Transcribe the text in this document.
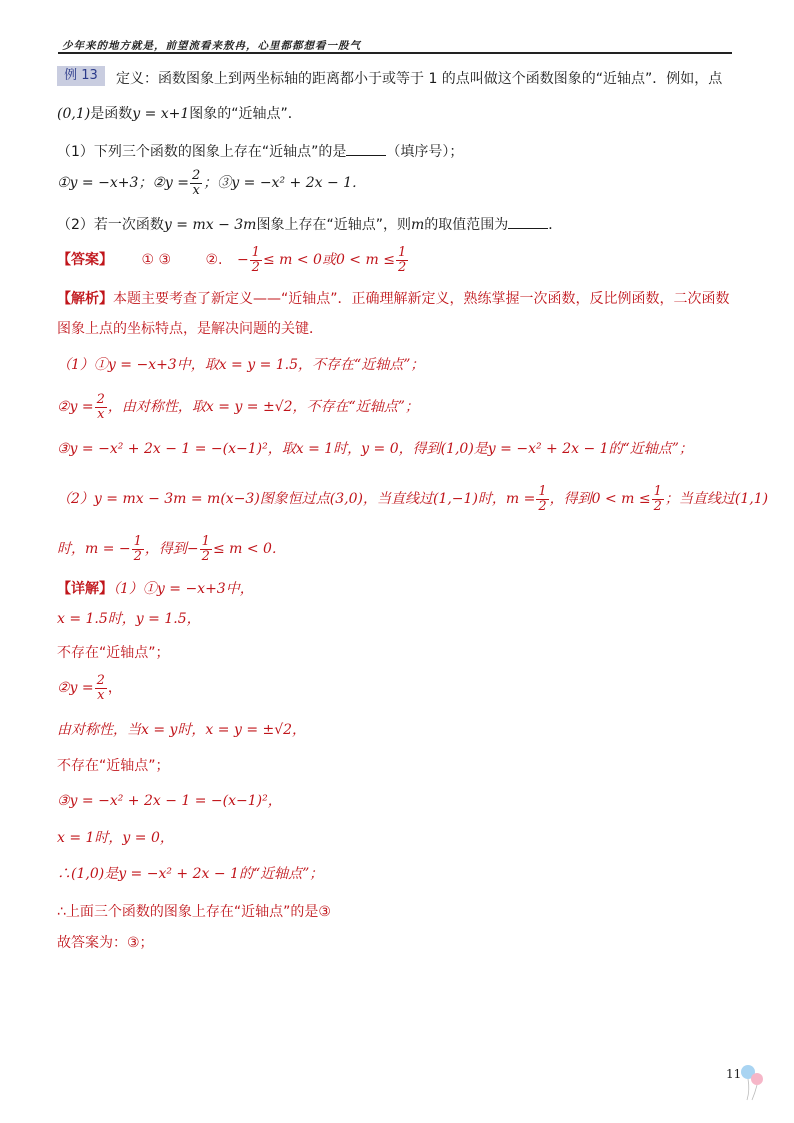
少年来的地方就是，前望流看来敖冉，心里都都想看一股气
例 13	定义：函数图象上到两坐标轴的距离都小于或等于 1 的点叫做这个函数图象的“近轴点”．例如，点
(0,1)是函数y = x+1图象的“近轴点”．
（1）下列三个函数的图象上存在“近轴点”的是	（填序号）；
①y = −x+3；②y = $\frac{2}{x}$ ；③y = −x² + 2x − 1．
（2）若一次函数y = mx − 3m图象上存在“近轴点”，则m的取值范围为	．
【答案】 ① ③ ②. − $\frac{1}{2} \le m < 0$或$0 < m \le \frac{1}{2}$
【解析】本题主要考查了新定义——“近轴点”．正确理解新定义，熟练掌握一次函数，反比例函数，二次函数
图象上点的坐标特点，是解决问题的关键．
（1）①y = −x+3中，取x = y = 1.5，不存在“近轴点”；
②y = $\frac{2}{x}$ ，由对称性，取x = y = ±√2，不存在“近轴点”；
③y = −x² + 2x − 1 = −(x−1)²，取x = 1时，y = 0，得到(1,0)是y = −x² + 2x − 1的“近轴点”；
（2）y = mx − 3m = m(x−3)图象恒过点(3,0)，当直线过(1,−1)时，$m = \frac{1}{2}$ ，得到$0 < m \le \frac{1}{2}$ ；当直线过(1,1)
时，m = − $\frac{1}{2}$ ，得到− $\frac{1}{2} \le m < 0$．
【详解】（1）①y = −x+3中，
x = 1.5时，y = 1.5，
不存在“近轴点”；
②y = $\frac{2}{x}$ ，
由对称性，当x = y时，x = y = ±√2，
不存在“近轴点”；
③y = −x² + 2x − 1 = −(x−1)²，
x = 1时，y = 0，
∴(1,0)是y = −x² + 2x − 1的“近轴点”；
∴上面三个函数的图象上存在“近轴点”的是③
故答案为：③；
11
